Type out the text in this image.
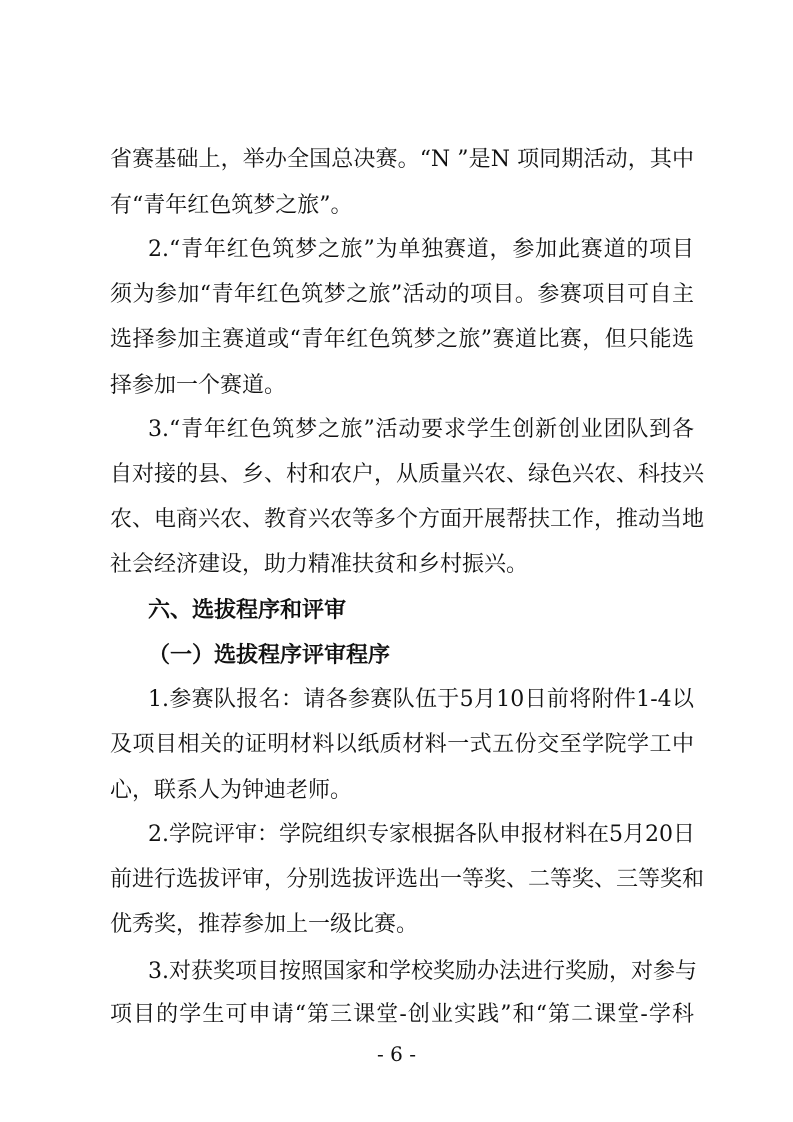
省赛基础上，举办全国总决赛。“N ”是N 项同期活动，其中
有“青年红色筑梦之旅”。
2.“青年红色筑梦之旅”为单独赛道，参加此赛道的项目
须为参加“青年红色筑梦之旅”活动的项目。参赛项目可自主
选择参加主赛道或“青年红色筑梦之旅”赛道比赛，但只能选
择参加一个赛道。
3.“青年红色筑梦之旅”活动要求学生创新创业团队到各
自对接的县、乡、村和农户，从质量兴农、绿色兴农、科技兴
农、电商兴农、教育兴农等多个方面开展帮扶工作，推动当地
社会经济建设，助力精准扶贫和乡村振兴。
六、选拔程序和评审
（一）选拔程序评审程序
1.参赛队报名：请各参赛队伍于5月10日前将附件1-4以
及项目相关的证明材料以纸质材料一式五份交至学院学工中
心，联系人为钟迪老师。
2.学院评审：学院组织专家根据各队申报材料在5月20日
前进行选拔评审，分别选拔评选出一等奖、二等奖、三等奖和
优秀奖，推荐参加上一级比赛。
3.对获奖项目按照国家和学校奖励办法进行奖励，对参与
项目的学生可申请“第三课堂-创业实践”和“第二课堂-学科
- 6 -
